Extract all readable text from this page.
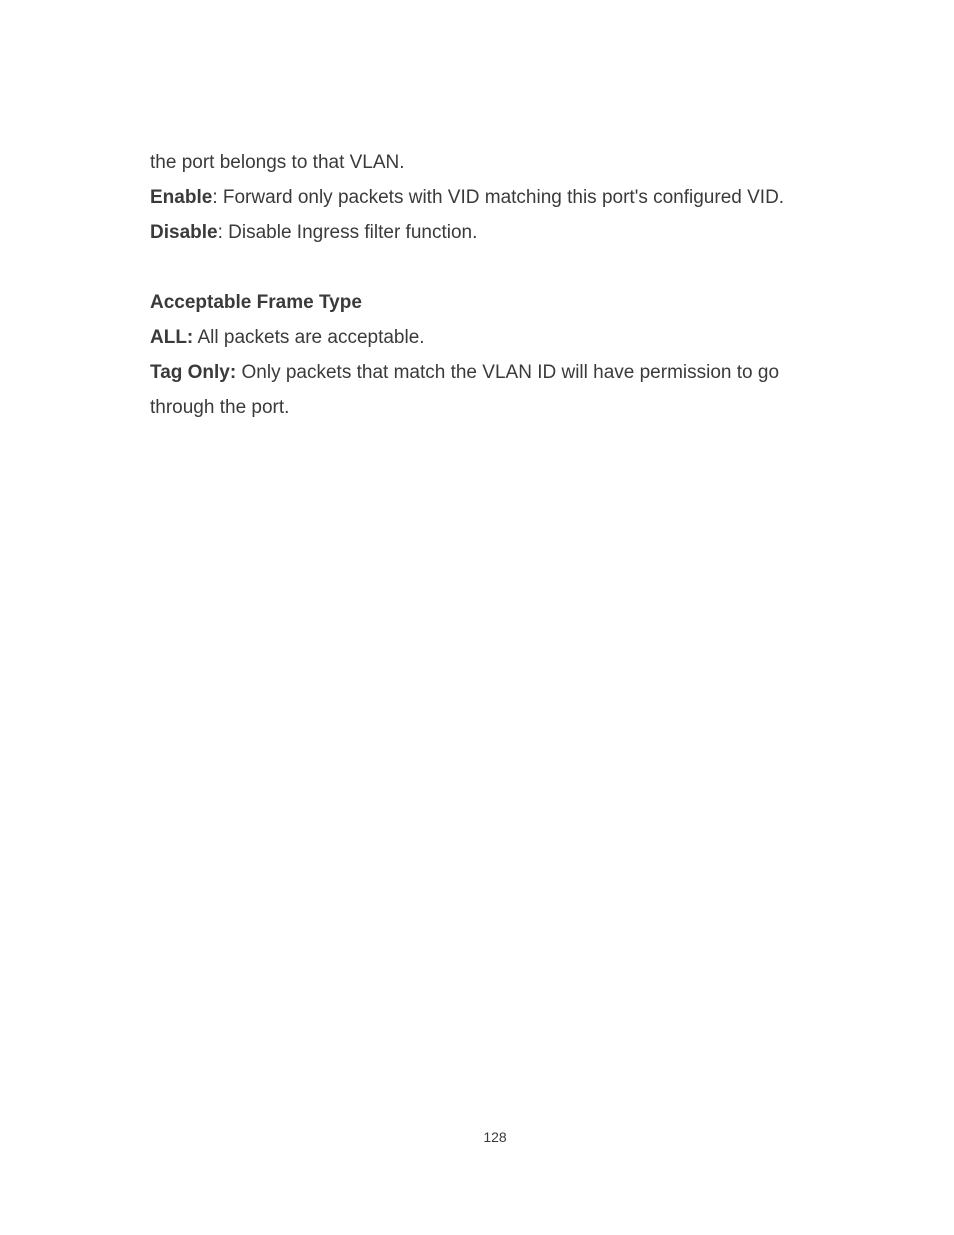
the port belongs to that VLAN.
Enable: Forward only packets with VID matching this port's configured VID.
Disable: Disable Ingress filter function.
Acceptable Frame Type
ALL: All packets are acceptable.
Tag Only: Only packets that match the VLAN ID will have permission to go
through the port.
128
